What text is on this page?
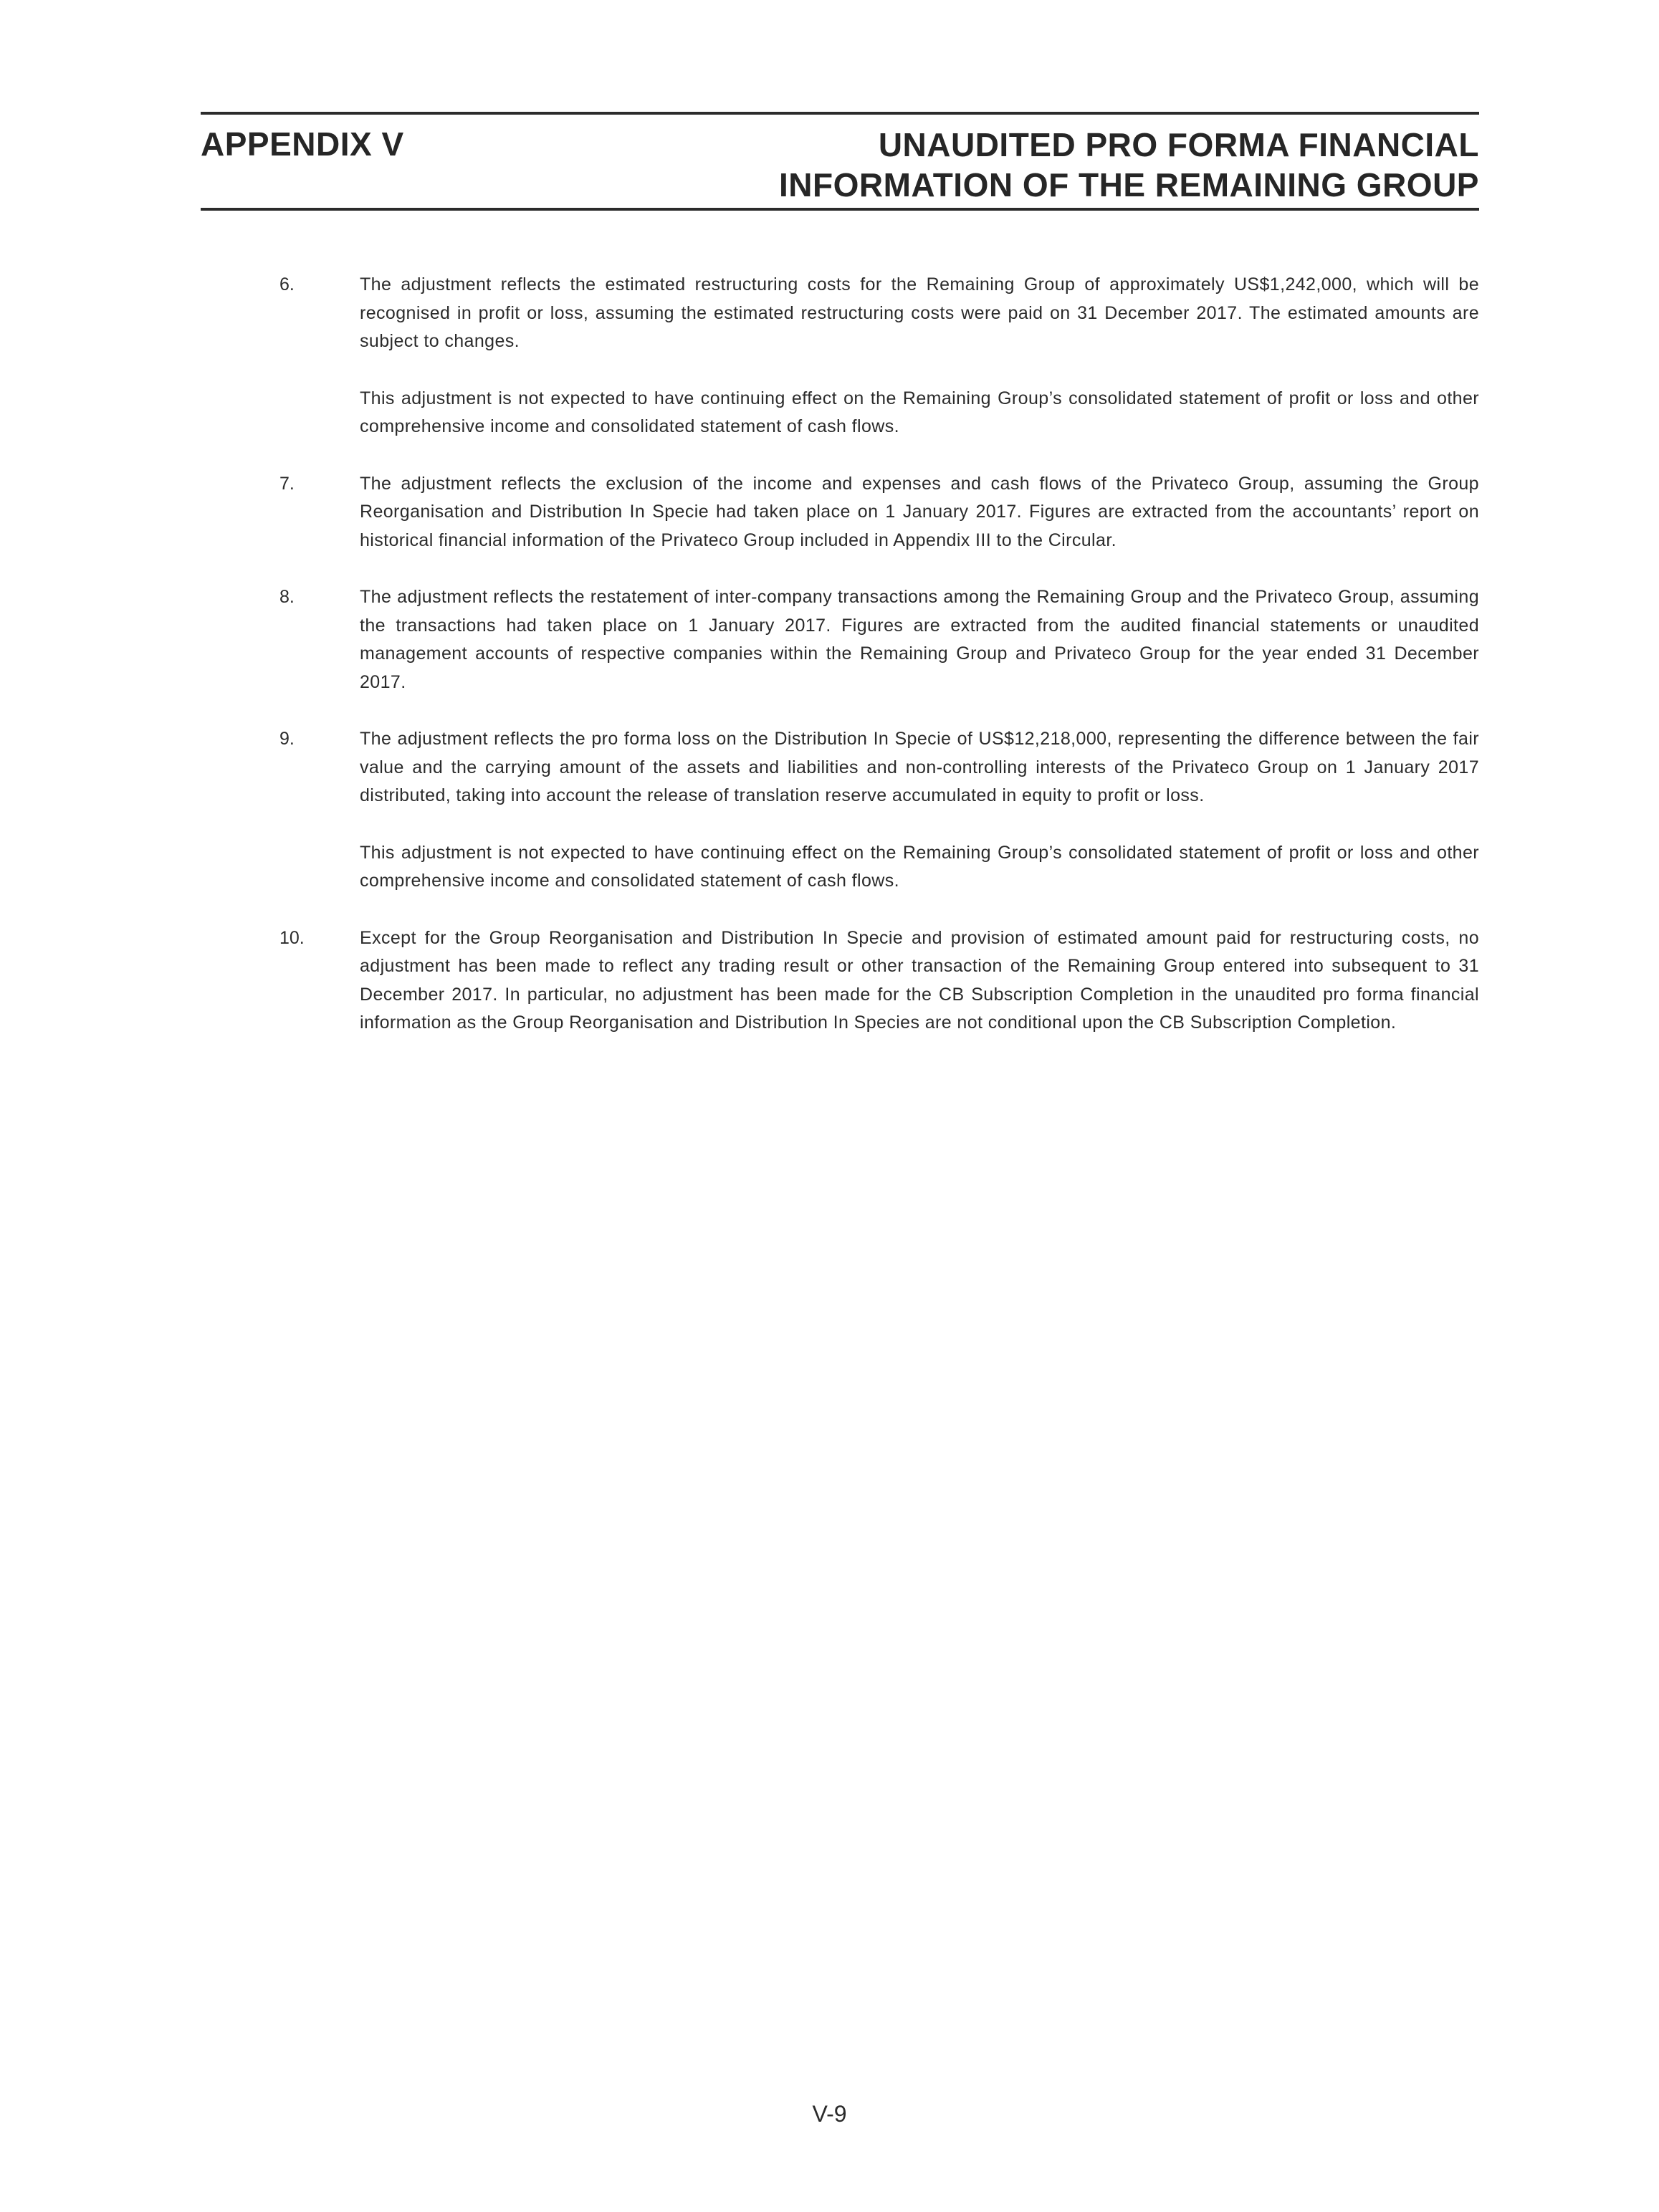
APPENDIX V	UNAUDITED PRO FORMA FINANCIAL
INFORMATION OF THE REMAINING GROUP
6.	The adjustment reflects the estimated restructuring costs for the Remaining Group of approximately US$1,242,000, which will be recognised in profit or loss, assuming the estimated restructuring costs were paid on 31 December 2017. The estimated amounts are subject to changes.

This adjustment is not expected to have continuing effect on the Remaining Group’s consolidated statement of profit or loss and other comprehensive income and consolidated statement of cash flows.

7.	The adjustment reflects the exclusion of the income and expenses and cash flows of the Privateco Group, assuming the Group Reorganisation and Distribution In Specie had taken place on 1 January 2017. Figures are extracted from the accountants’ report on historical financial information of the Privateco Group included in Appendix III to the Circular.

8.	The adjustment reflects the restatement of inter-company transactions among the Remaining Group and the Privateco Group, assuming the transactions had taken place on 1 January 2017. Figures are extracted from the audited financial statements or unaudited management accounts of respective companies within the Remaining Group and Privateco Group for the year ended 31 December 2017.

9.	The adjustment reflects the pro forma loss on the Distribution In Specie of US$12,218,000, representing the difference between the fair value and the carrying amount of the assets and liabilities and non-controlling interests of the Privateco Group on 1 January 2017 distributed, taking into account the release of translation reserve accumulated in equity to profit or loss.

This adjustment is not expected to have continuing effect on the Remaining Group’s consolidated statement of profit or loss and other comprehensive income and consolidated statement of cash flows.

10.	Except for the Group Reorganisation and Distribution In Specie and provision of estimated amount paid for restructuring costs, no adjustment has been made to reflect any trading result or other transaction of the Remaining Group entered into subsequent to 31 December 2017. In particular, no adjustment has been made for the CB Subscription Completion in the unaudited pro forma financial information as the Group Reorganisation and Distribution In Species are not conditional upon the CB Subscription Completion.

V-9
